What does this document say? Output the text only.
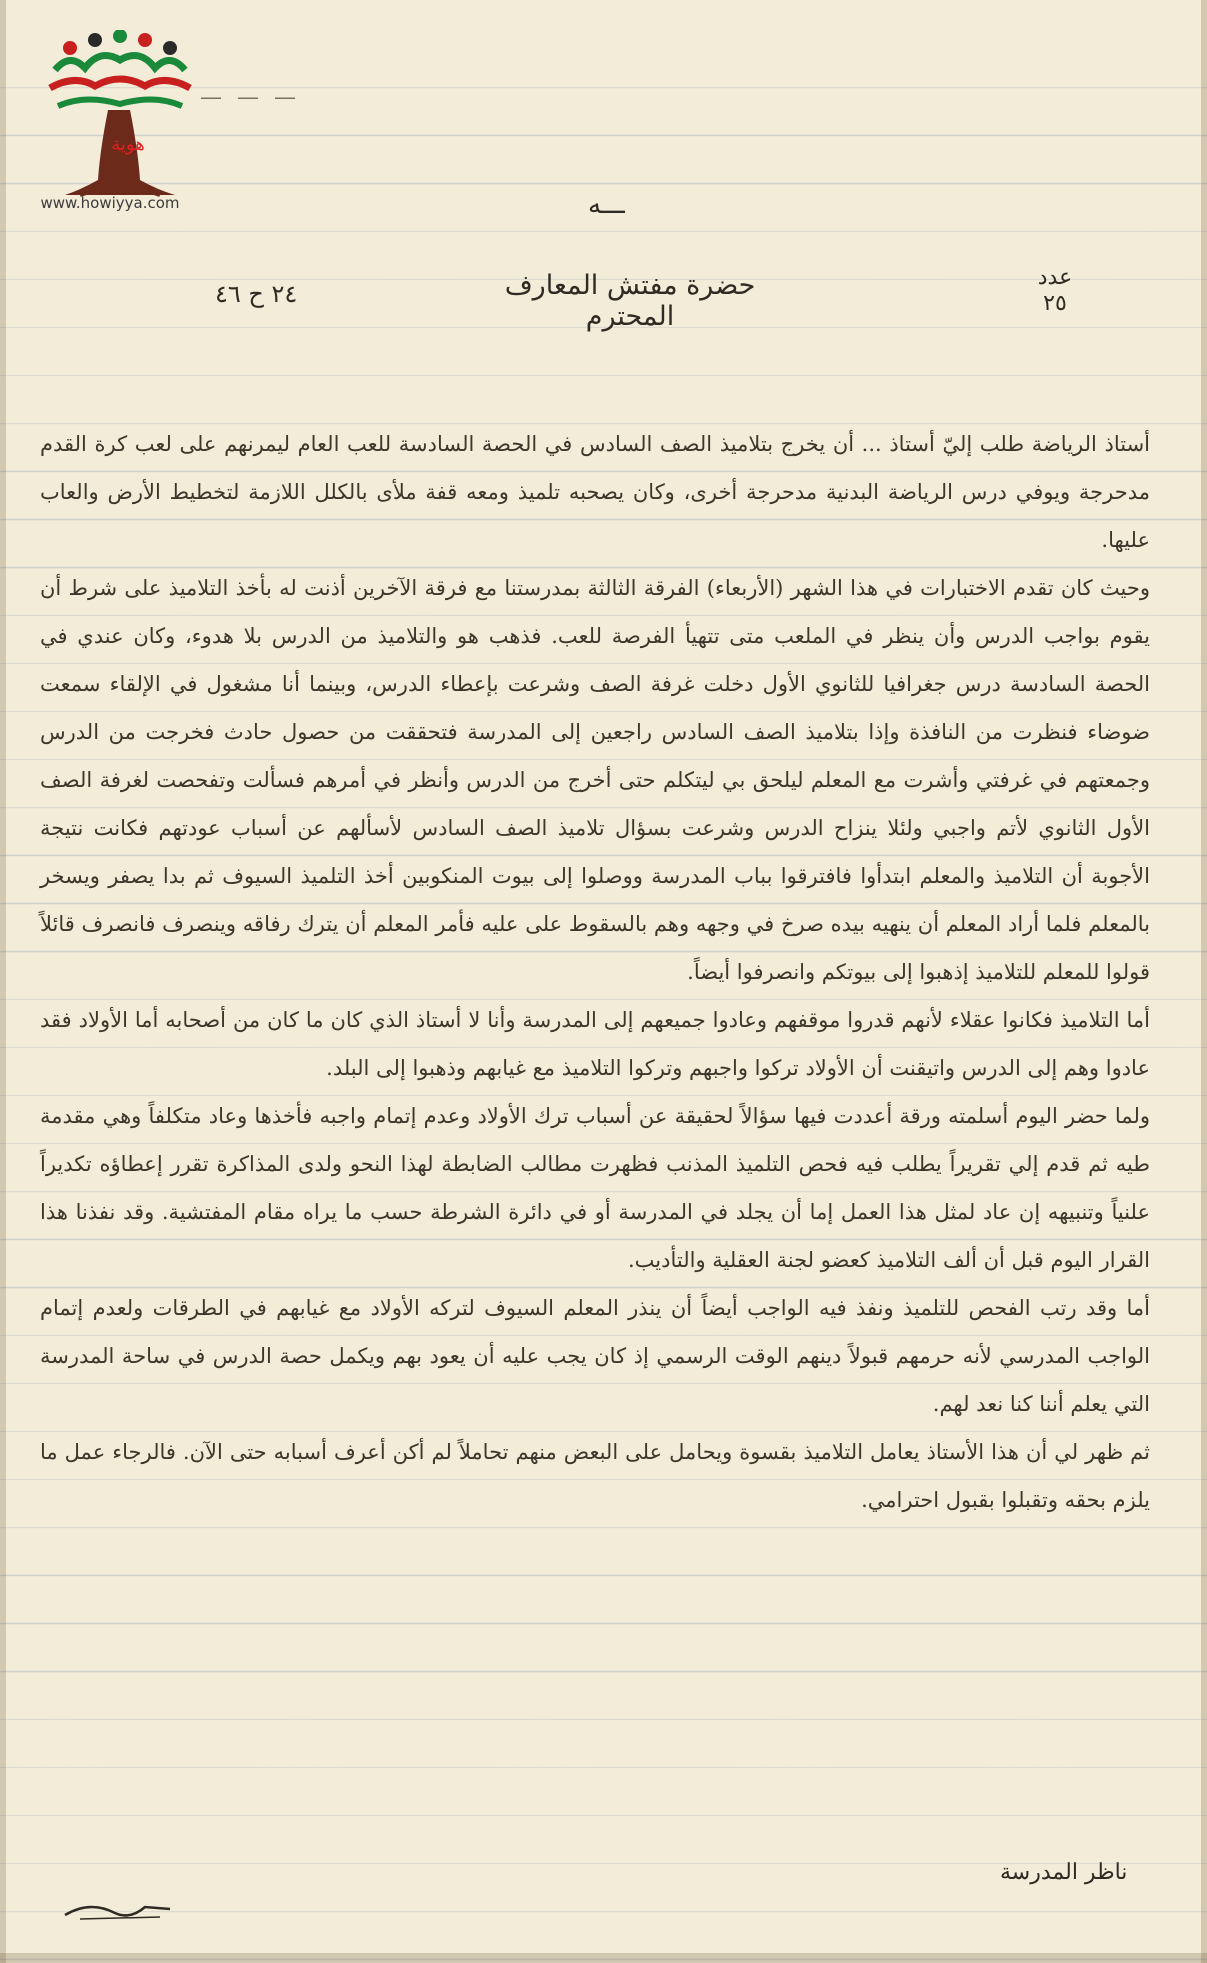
هوية
www.howiyya.com
— — —
ـــه
عدد
٢٥
حضرة مفتش المعارف المحترم
٢٤ ح ٤٦

أستاذ الرياضة طلب إليّ أستاذ ... أن يخرج بتلاميذ الصف السادس في الحصة السادسة للعب العام ليمرنهم على لعب كرة القدم مدحرجة ويوفي درس الرياضة البدنية مدحرجة أخرى، وكان يصحبه تلميذ ومعه قفة ملأى بالكلل اللازمة لتخطيط الأرض والعاب عليها.

وحيث كان تقدم الاختبارات في هذا الشهر (الأربعاء) الفرقة الثالثة بمدرستنا مع فرقة الآخرين أذنت له بأخذ التلاميذ على شرط أن يقوم بواجب الدرس وأن ينظر في الملعب متى تتهيأ الفرصة للعب. فذهب هو والتلاميذ من الدرس بلا هدوء، وكان عندي في الحصة السادسة درس جغرافيا للثانوي الأول دخلت غرفة الصف وشرعت بإعطاء الدرس، وبينما أنا مشغول في الإلقاء سمعت ضوضاء فنظرت من النافذة وإذا بتلاميذ الصف السادس راجعين إلى المدرسة فتحققت من حصول حادث فخرجت من الدرس وجمعتهم في غرفتي وأشرت مع المعلم ليلحق بي ليتكلم حتى أخرج من الدرس وأنظر في أمرهم فسألت وتفحصت لغرفة الصف الأول الثانوي لأتم واجبي ولئلا ينزاح الدرس وشرعت بسؤال تلاميذ الصف السادس لأسألهم عن أسباب عودتهم فكانت نتيجة الأجوبة أن التلاميذ والمعلم ابتدأوا فافترقوا بباب المدرسة ووصلوا إلى بيوت المنكوبين أخذ التلميذ السيوف ثم بدا يصفر ويسخر بالمعلم فلما أراد المعلم أن ينهيه بيده صرخ في وجهه وهم بالسقوط على عليه فأمر المعلم أن يترك رفاقه وينصرف فانصرف قائلاً قولوا للمعلم للتلاميذ إذهبوا إلى بيوتكم وانصرفوا أيضاً.

أما التلاميذ فكانوا عقلاء لأنهم قدروا موقفهم وعادوا جميعهم إلى المدرسة وأنا لا أستاذ الذي كان ما كان من أصحابه أما الأولاد فقد عادوا وهم إلى الدرس واتيقنت أن الأولاد تركوا واجبهم وتركوا التلاميذ مع غيابهم وذهبوا إلى البلد.

ولما حضر اليوم أسلمته ورقة أعددت فيها سؤالاً لحقيقة عن أسباب ترك الأولاد وعدم إتمام واجبه فأخذها وعاد متكلفاً وهي مقدمة طيه ثم قدم إلي تقريراً يطلب فيه فحص التلميذ المذنب فظهرت مطالب الضابطة لهذا النحو ولدى المذاكرة تقرر إعطاؤه تكديراً علنياً وتنبيهه إن عاد لمثل هذا العمل إما أن يجلد في المدرسة أو في دائرة الشرطة حسب ما يراه مقام المفتشية. وقد نفذنا هذا القرار اليوم قبل أن ألف التلاميذ كعضو لجنة العقلية والتأديب.

أما وقد رتب الفحص للتلميذ ونفذ فيه الواجب أيضاً أن ينذر المعلم السيوف لتركه الأولاد مع غيابهم في الطرقات ولعدم إتمام الواجب المدرسي لأنه حرمهم قبولاً دينهم الوقت الرسمي إذ كان يجب عليه أن يعود بهم ويكمل حصة الدرس في ساحة المدرسة التي يعلم أننا كنا نعد لهم.

ثم ظهر لي أن هذا الأستاذ يعامل التلاميذ بقسوة ويحامل على البعض منهم تحاملاً لم أكن أعرف أسبابه حتى الآن. فالرجاء عمل ما يلزم بحقه وتقبلوا بقبول احترامي.

ناظر المدرسة
